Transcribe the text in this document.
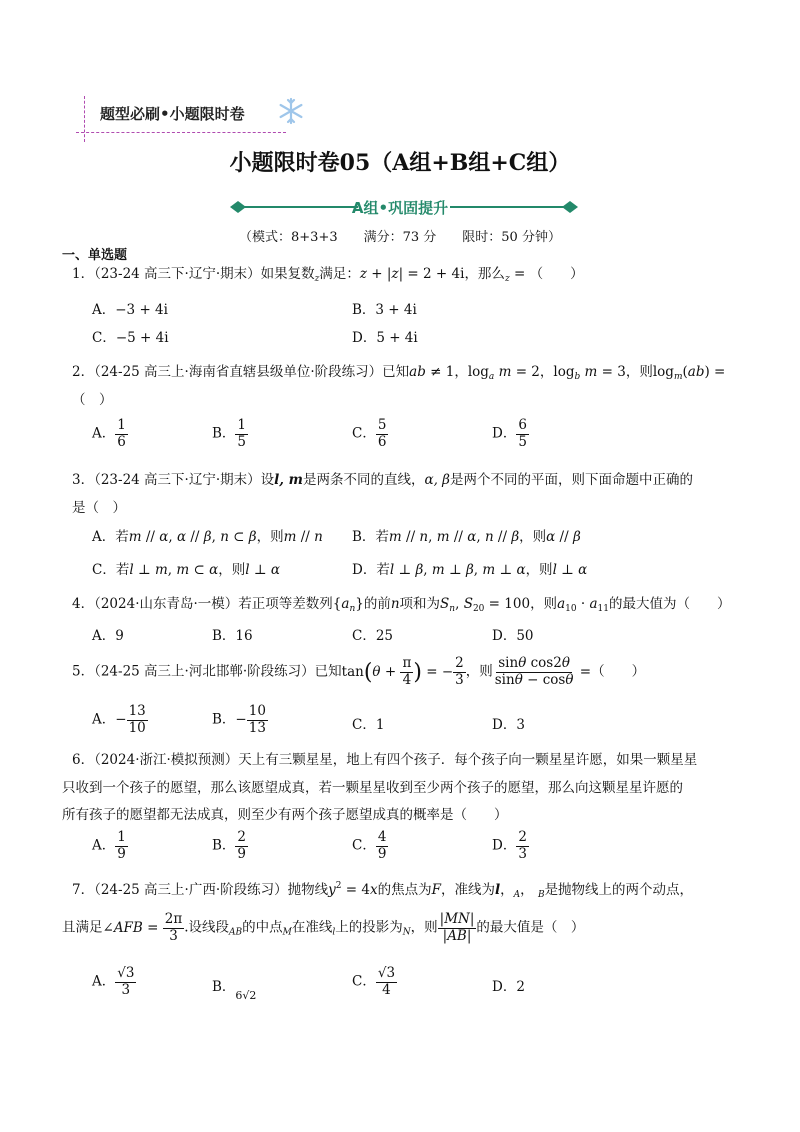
题型必刷•小题限时卷
小题限时卷05（A组+B组+C组）
A组•巩固提升
（模式：8+3+3　　满分：73 分　　限时：50 分钟）
一、单选题
1．（23-24 高三下·辽宁·期末）如果复数$_z$满足：z + |z| = 2 + 4i，那么$_z$ = （　　）
A．−3 + 4i	B．3 + 4i
C．−5 + 4i	D．5 + 4i
2．（24-25 高三上·海南省直辖县级单位·阶段练习）已知ab ≠ 1，$\log_a m = 2$，$\log_b m = 3$，则$\log_m(ab)$ =
（　）
A． $\frac{1}{6}$	B． $\frac{1}{5}$	C． $\frac{5}{6}$	D． $\frac{6}{5}$
3．（23-24 高三下·辽宁·期末）设l, m是两条不同的直线，α, β是两个不同的平面，则下面命题中正确的
是（　）
A．若m // α, α // β, n ⊂ β，则m // n B．若m // n, m // α, n // β，则α // β
C．若l ⊥ m, m ⊂ α，则l ⊥ α	D．若l ⊥ β, m ⊥ β, m ⊥ α，则l ⊥ α
4．（2024·山东青岛·一模）若正项等差数列$\{a_n\}$的前n项和为$S_n$, $S_{20} = 100$，则$a_{10} \cdot a_{11}$的最大值为（　　）
A．9	B．16	C．25	D．50
5．（24-25 高三上·河北邯郸·阶段练习）已知$\tan(\theta + \frac{\pi}{4}$ ) = − $\frac{2}{3}$ ，则 $\frac{\text{sinθ cos2θ}}{\sin\theta - \cos\theta}$ =（　　）
A．− $\frac{13}{10}$	B．− $\frac{10}{13}$	C．1	D．3
6．（2024·浙江·模拟预测）天上有三颗星星，地上有四个孩子．每个孩子向一颗星星许愿，如果一颗星星
只收到一个孩子的愿望，那么该愿望成真，若一颗星星收到至少两个孩子的愿望，那么向这颗星星许愿的
所有孩子的愿望都无法成真，则至少有两个孩子愿望成真的概率是（　　）
A． $\frac{1}{9}$	B． $\frac{2}{9}$	C． $\frac{4}{9}$	D． $\frac{2}{3}$
7．（24-25 高三上·广西·阶段练习）抛物线$y^2 = 4x$的焦点为F，准线为l，$_A$， $_B$是抛物线上的两个动点，
且满足∠AFB = $\frac{2\pi}{3}$ .设线段$_{AB}$的中点$_M$在准线$_l$上的投影为$_N$，则 $\frac{|MN|}{|AB|}$ 的最大值是（　）
A． $\frac{√3}{3}$	B．$_{6√2}$
C． $\frac{√3}{4}$	D．2
